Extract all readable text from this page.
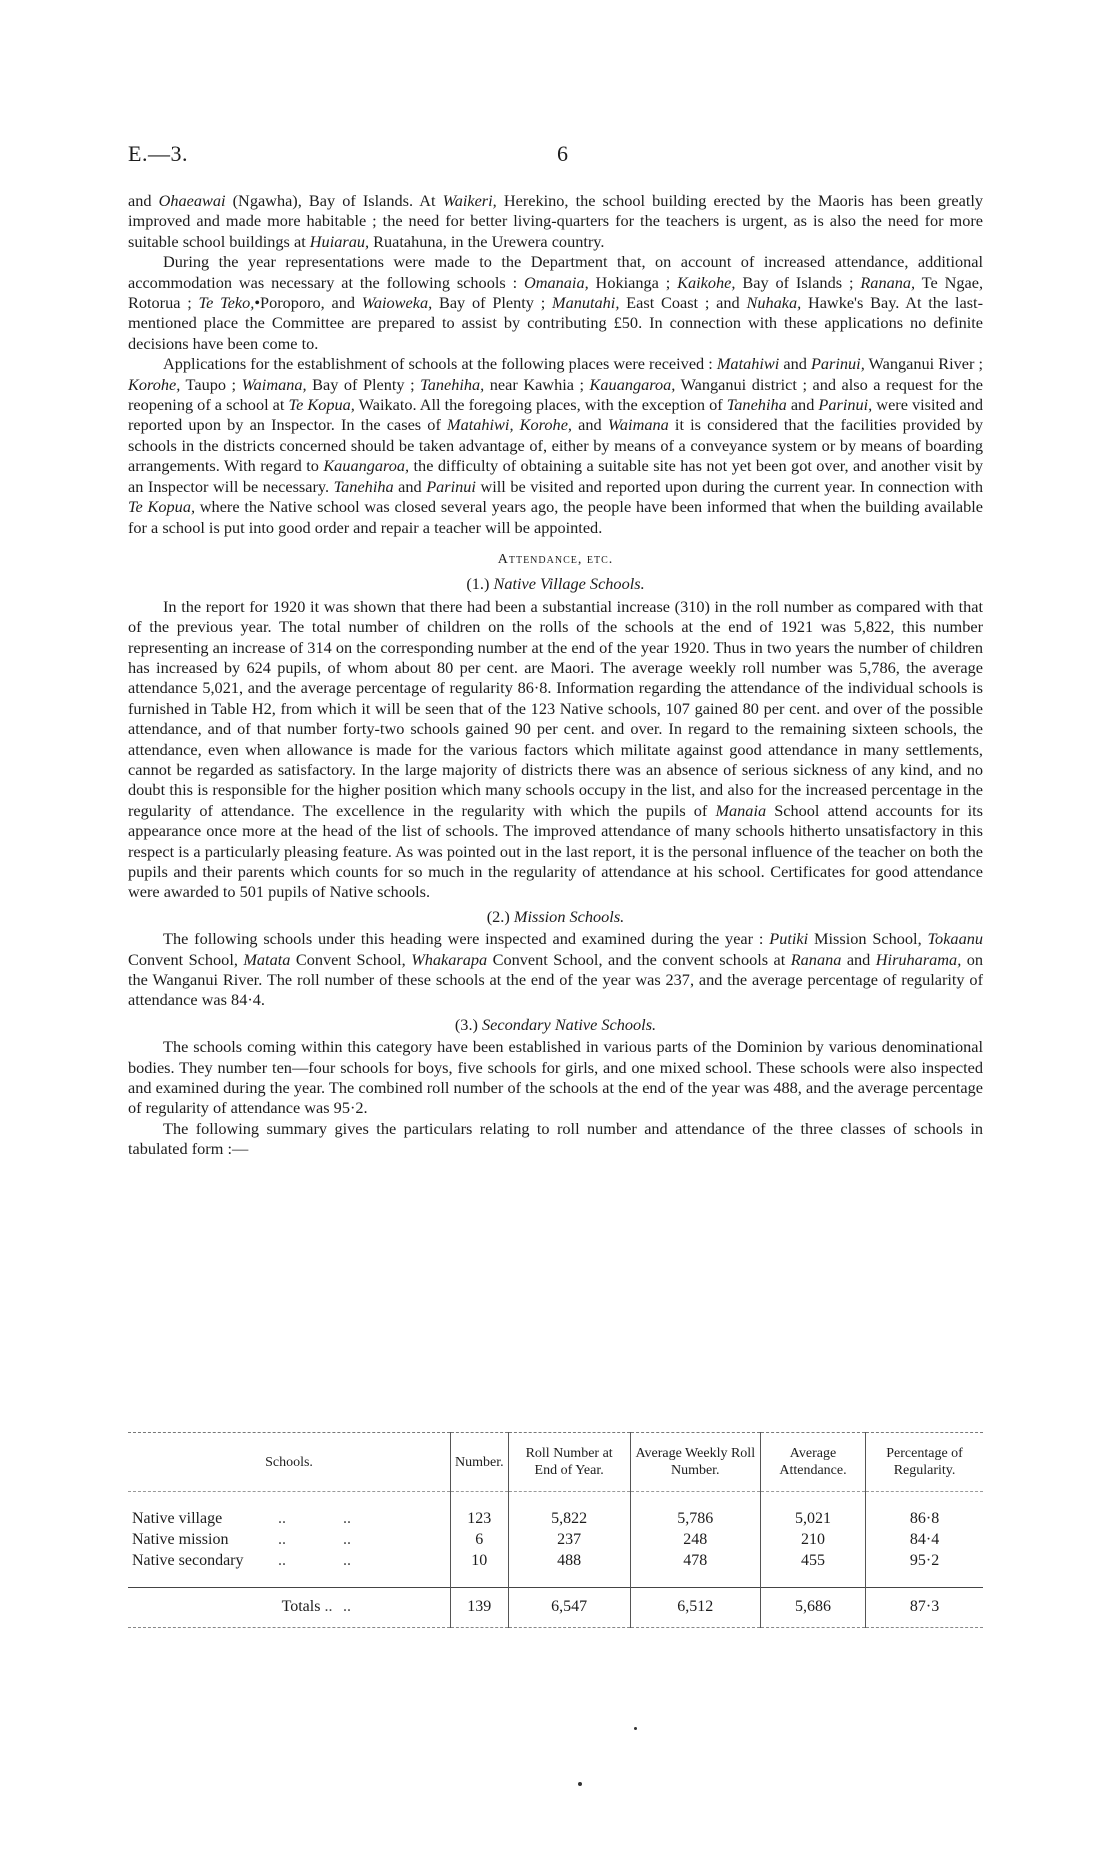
E.—3.	6

and Ohaeawai (Ngawha), Bay of Islands. At Waikeri, Herekino, the school building erected by the Maoris has been greatly improved and made more habitable ; the need for better living-quarters for the teachers is urgent, as is also the need for more suitable school buildings at Huiarau, Ruatahuna, in the Urewera country.

During the year representations were made to the Department that, on account of increased attendance, additional accommodation was necessary at the following schools : Omanaia, Hokianga ; Kaikohe, Bay of Islands ; Ranana, Te Ngae, Rotorua ; Te Teko,•Poroporo, and Waioweka, Bay of Plenty ; Manutahi, East Coast ; and Nuhaka, Hawke's Bay. At the last-mentioned place the Committee are prepared to assist by contributing £50. In connection with these applications no definite decisions have been come to.

Applications for the establishment of schools at the following places were received : Matahiwi and Parinui, Wanganui River ; Korohe, Taupo ; Waimana, Bay of Plenty ; Tanehiha, near Kawhia ; Kauangaroa, Wanganui district ; and also a request for the reopening of a school at Te Kopua, Waikato. All the foregoing places, with the exception of Tanehiha and Parinui, were visited and reported upon by an Inspector. In the cases of Matahiwi, Korohe, and Waimana it is considered that the facilities provided by schools in the districts concerned should be taken advantage of, either by means of a conveyance system or by means of boarding arrangements. With regard to Kauangaroa, the difficulty of obtaining a suitable site has not yet been got over, and another visit by an Inspector will be necessary. Tanehiha and Parinui will be visited and reported upon during the current year. In connection with Te Kopua, where the Native school was closed several years ago, the people have been informed that when the building available for a school is put into good order and repair a teacher will be appointed.

Attendance, etc.
(1.) Native Village Schools.

In the report for 1920 it was shown that there had been a substantial increase (310) in the roll number as compared with that of the previous year. The total number of children on the rolls of the schools at the end of 1921 was 5,822, this number representing an increase of 314 on the corresponding number at the end of the year 1920. Thus in two years the number of children has increased by 624 pupils, of whom about 80 per cent. are Maori. The average weekly roll number was 5,786, the average attendance 5,021, and the average percentage of regularity 86·8. Information regarding the attendance of the individual schools is furnished in Table H2, from which it will be seen that of the 123 Native schools, 107 gained 80 per cent. and over of the possible attendance, and of that number forty-two schools gained 90 per cent. and over. In regard to the remaining sixteen schools, the attendance, even when allowance is made for the various factors which militate against good attendance in many settlements, cannot be regarded as satisfactory. In the large majority of districts there was an absence of serious sickness of any kind, and no doubt this is responsible for the higher position which many schools occupy in the list, and also for the increased percentage in the regularity of attendance. The excellence in the regularity with which the pupils of Manaia School attend accounts for its appearance once more at the head of the list of schools. The improved attendance of many schools hitherto unsatisfactory in this respect is a particularly pleasing feature. As was pointed out in the last report, it is the personal influence of the teacher on both the pupils and their parents which counts for so much in the regularity of attendance at his school. Certificates for good attendance were awarded to 501 pupils of Native schools.

(2.) Mission Schools.

The following schools under this heading were inspected and examined during the year : Putiki Mission School, Tokaanu Convent School, Matata Convent School, Whakarapa Convent School, and the convent schools at Ranana and Hiruharama, on the Wanganui River. The roll number of these schools at the end of the year was 237, and the average percentage of regularity of attendance was 84·4.

(3.) Secondary Native Schools.

The schools coming within this category have been established in various parts of the Dominion by various denominational bodies. They number ten—four schools for boys, five schools for girls, and one mixed school. These schools were also inspected and examined during the year. The combined roll number of the schools at the end of the year was 488, and the average percentage of regularity of attendance was 95·2.

The following summary gives the particulars relating to roll number and attendance of the three classes of schools in tabulated form :—

Schools.	Number.	Roll Number at End of Year.	Average Weekly Roll Number.	Average Attendance.	Percentage of Regularity.

Native village .. ..	123	5,822	5,786	5,021	86·8
Native mission .. ..	6	237	248	210	84·4
Native secondary .. ..	10	488	478	455	95·2

Totals .. ..	139	6,547	6,512	5,686	87·3
